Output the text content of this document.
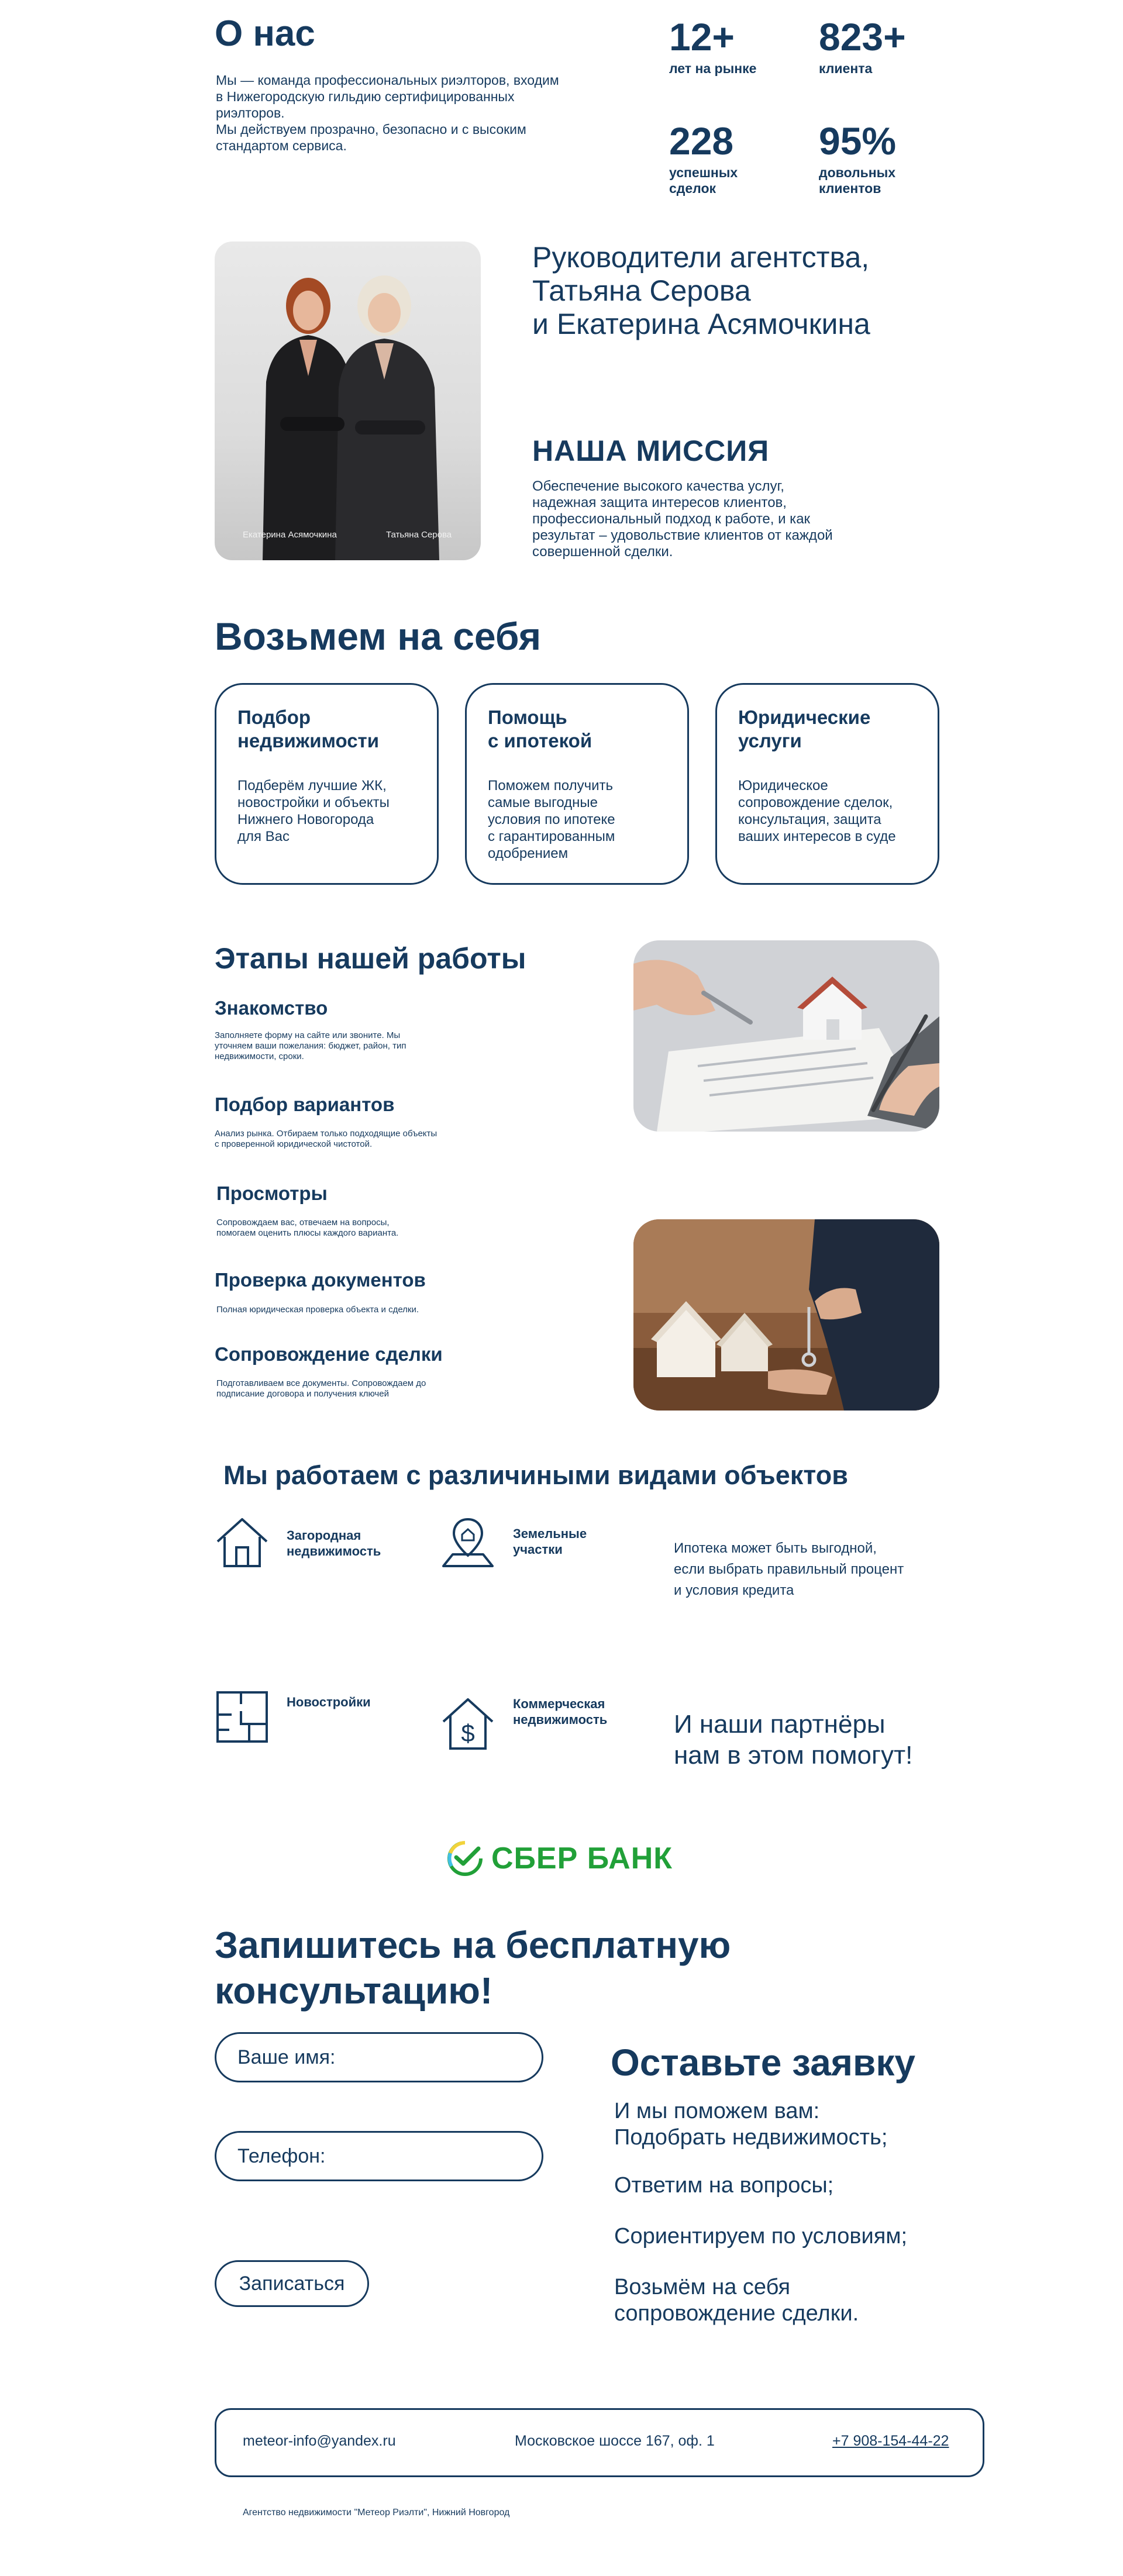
О нас
Мы — команда профессиональных риэлторов, входим
в Нижегородскую гильдию сертифицированных
риэлторов.
Мы действуем прозрачно, безопасно и с высоким
стандартом сервиса.
12+
лет на рынке
823+
клиента
228
успешных
сделок
95%
довольных
клиентов
Екатерина Асямочкина	Татьяна Серова
Руководители агентства,
Татьяна Серова
и Екатерина Асямочкина
НАША МИССИЯ
Обеспечение высокого качества услуг,
надежная защита интересов клиентов,
профессиональный подход к работе, и как
результат – удовольствие клиентов от каждой
совершенной сделки.
Возьмем на себя
Подбор
недвижимости
Подберём лучшие ЖК,
новостройки и объекты
Нижнего Новогорода
для Вас
Помощь
с ипотекой
Поможем получить
самые выгодные
условия по ипотеке
с гарантированным
одобрением
Юридические
услуги
Юридическое
сопровождение сделок,
консультация, защита
ваших интересов в суде
Этапы нашей работы
Знакомство
Заполняете форму на сайте или звоните. Мы
уточняем ваши пожелания: бюджет, район, тип
недвижимости, сроки.
Подбор вариантов
Анализ рынка. Отбираем только подходящие объекты
с проверенной юридической чистотой.
Просмотры
Сопровождаем вас, отвечаем на вопросы,
помогаем оценить плюсы каждого варианта.
Проверка документов
Полная юридическая проверка объекта и сделки.
Сопровождение сделки
Подготавливаем все документы. Сопровождаем до
подписание договора и получения ключей
Мы работаем с различиными видами объектов
Загородная
недвижимость
Земельные
участки
Новостройки
$
Коммерческая
недвижимость
Ипотека может быть выгодной,
если выбрать правильный процент
и условия кредита
И наши партнёры
нам в этом помогут!
СБЕР БАНК
Запишитесь на бесплатную
консультацию!
Ваше имя:
Телефон:
Записаться
Оставьте заявку
И мы поможем вам:
Подобрать недвижимость;
Ответим на вопросы;
Сориентируем по условиям;
Возьмём на себя
сопровождение сделки.
meteor-info@yandex.ru	Московское шоссе 167, оф. 1	+7 908-154-44-22
Агентство недвижимости "Метеор Риэлти", Нижний Новгород
